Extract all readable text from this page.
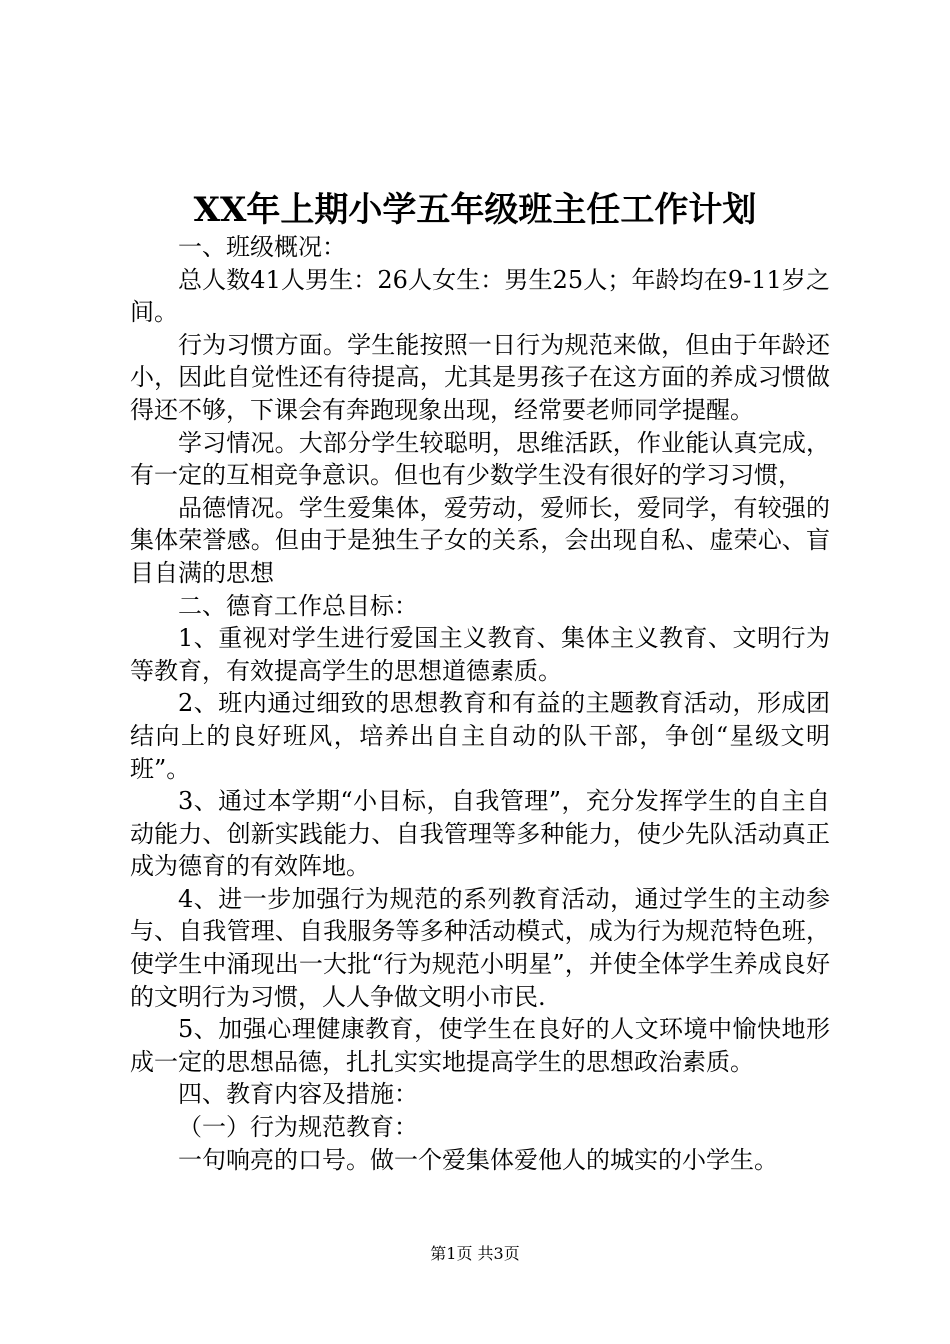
XX年上期小学五年级班主任工作计划

一、班级概况：

总人数41人男生：26人女生：男生25人；年龄均在9-11岁之间。

行为习惯方面。学生能按照一日行为规范来做，但由于年龄还小，因此自觉性还有待提高，尤其是男孩子在这方面的养成习惯做得还不够，下课会有奔跑现象出现，经常要老师同学提醒。

学习情况。大部分学生较聪明，思维活跃，作业能认真完成，有一定的互相竞争意识。但也有少数学生没有很好的学习习惯，

品德情况。学生爱集体，爱劳动，爱师长，爱同学，有较强的集体荣誉感。但由于是独生子女的关系，会出现自私、虚荣心、盲目自满的思想

二、德育工作总目标：

1、重视对学生进行爱国主义教育、集体主义教育、文明行为等教育，有效提高学生的思想道德素质。

2、班内通过细致的思想教育和有益的主题教育活动，形成团结向上的良好班风，培养出自主自动的队干部，争创“星级文明班”。

3、通过本学期“小目标，自我管理”，充分发挥学生的自主自动能力、创新实践能力、自我管理等多种能力，使少先队活动真正成为德育的有效阵地。

4、进一步加强行为规范的系列教育活动，通过学生的主动参与、自我管理、自我服务等多种活动模式，成为行为规范特色班，使学生中涌现出一大批“行为规范小明星”，并使全体学生养成良好的文明行为习惯，人人争做文明小市民.

5、加强心理健康教育，使学生在良好的人文环境中愉快地形成一定的思想品德，扎扎实实地提高学生的思想政治素质。

四、教育内容及措施：

（一）行为规范教育：

一句响亮的口号。做一个爱集体爱他人的城实的小学生。

第1页 共3页
